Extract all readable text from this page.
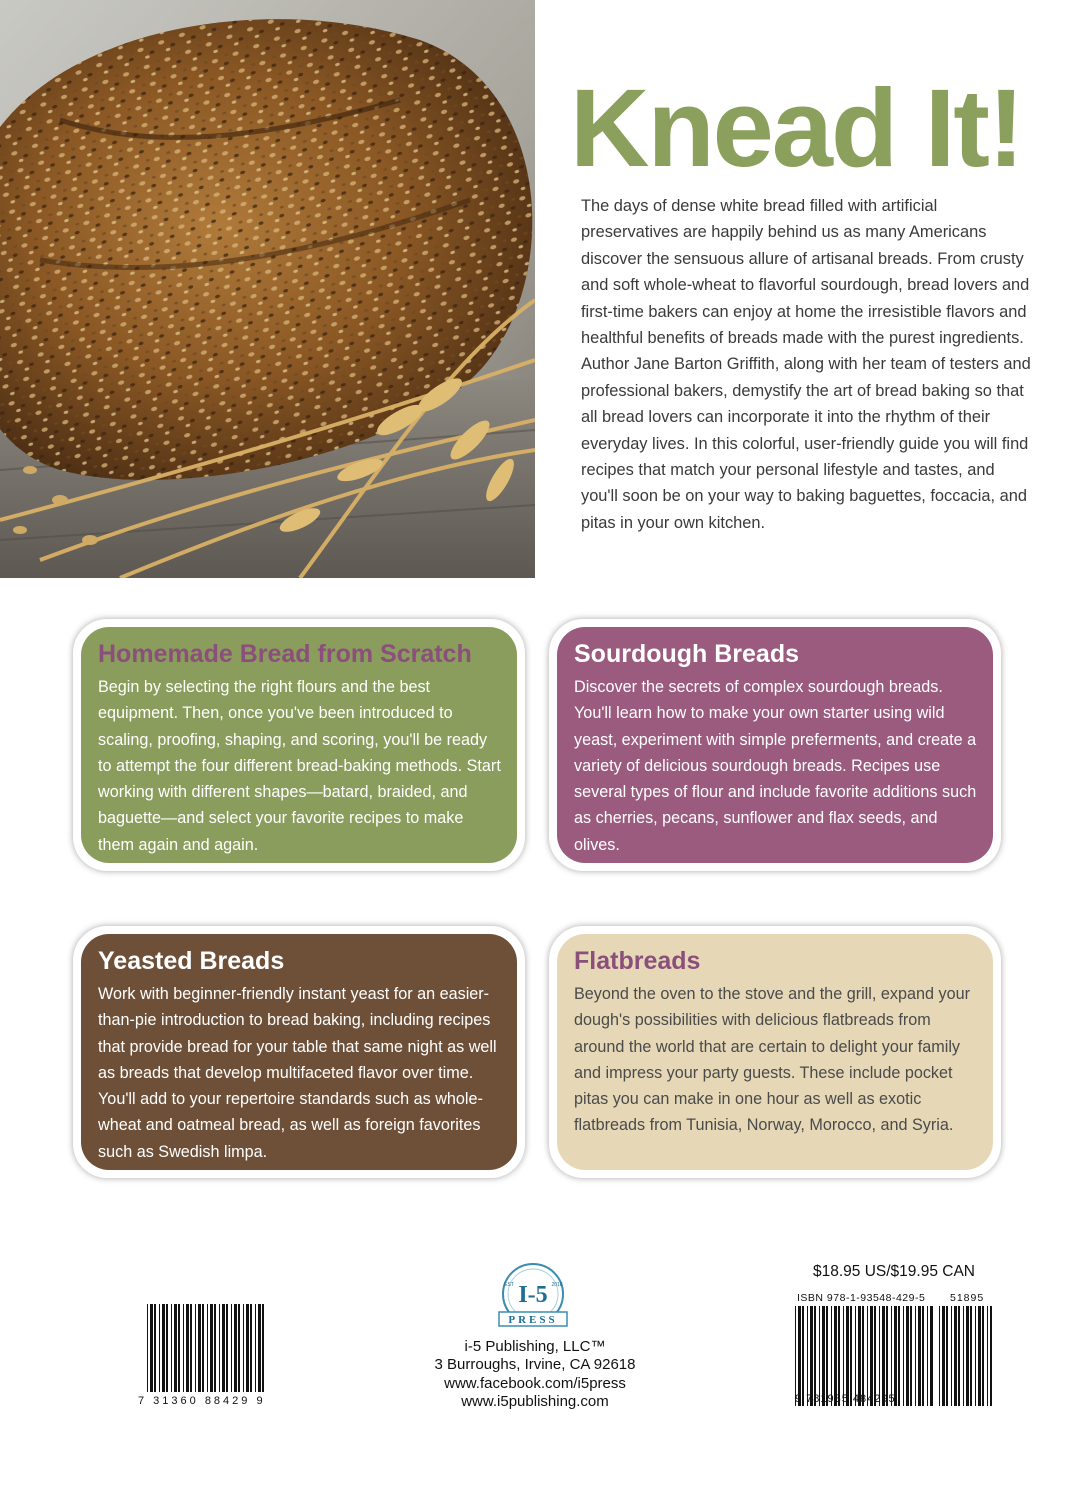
Knead It!
The days of dense white bread filled with artificial preservatives are happily behind us as many Americans discover the sensuous allure of artisanal breads. From crusty and soft whole-wheat to flavorful sourdough, bread lovers and first-time bakers can enjoy at home the irresistible flavors and healthful benefits of breads made with the purest ingredients. Author Jane Barton Griffith, along with her team of testers and professional bakers, demystify the art of bread baking so that all bread lovers can incorporate it into the rhythm of their everyday lives. In this colorful, user-friendly guide you will find recipes that match your personal lifestyle and tastes, and you'll soon be on your way to baking baguettes, foccacia, and pitas in your own kitchen.
Homemade Bread from Scratch

Begin by selecting the right flours and the best equipment. Then, once you've been introduced to scaling, proofing, shaping, and scoring, you'll be ready to attempt the four different bread-baking methods. Start working with different shapes—batard, braided, and baguette—and select your favorite recipes to make them again and again.

Sourdough Breads

Discover the secrets of complex sourdough breads. You'll learn how to make your own starter using wild yeast, experiment with simple preferments, and create a variety of delicious sourdough breads. Recipes use several types of flour and include favorite additions such as cherries, pecans, sunflower and flax seeds, and olives.

Yeasted Breads

Work with beginner-friendly instant yeast for an easier-than-pie introduction to bread baking, including recipes that provide bread for your table that same night as well as breads that develop multifaceted flavor over time. You'll add to your repertoire standards such as whole-wheat and oatmeal bread, as well as foreign favorites such as Swedish limpa.

Flatbreads

Beyond the oven to the stove and the grill, expand your dough's possibilities with delicious flatbreads from around the world that are certain to delight your family and impress your party guests. These include pocket pitas you can make in one hour as well as exotic flatbreads from Tunisia, Norway, Morocco, and Syria.

7 31360 88429 9
I-5
EST	2018
PRESS
i-5 Publishing, LLC™
3 Burroughs, Irvine, CA 92618
www.facebook.com/i5press
www.i5publishing.com
$18.95 US/$19.95 CAN
ISBN 978-1-93548-429-5 51895
9 781935 484295
